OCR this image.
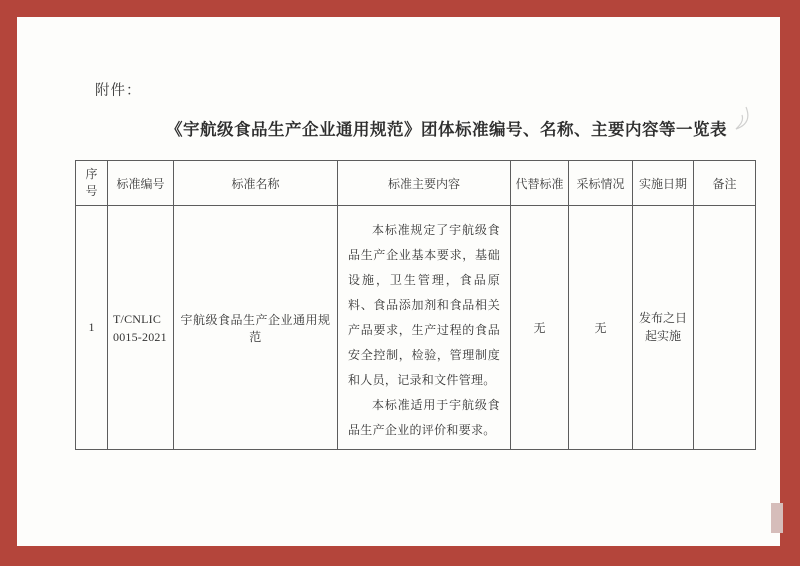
附件：
《宇航级食品生产企业通用规范》团体标准编号、名称、主要内容等一览表
序号	标准编号	标准名称	标准主要内容	代替标准	采标情况	实施日期	备注
1	T/CNLIC 0015-2021	宇航级食品生产企业通用规范	本标准规定了宇航级食品生产企业基本要求，基础设施，卫生管理，食品原料、食品添加剂和食品相关产品要求，生产过程的食品安全控制，检验，管理制度和人员，记录和文件管理。

本标准适用于宇航级食品生产企业的评价和要求。	无	无	发布之日起实施	
